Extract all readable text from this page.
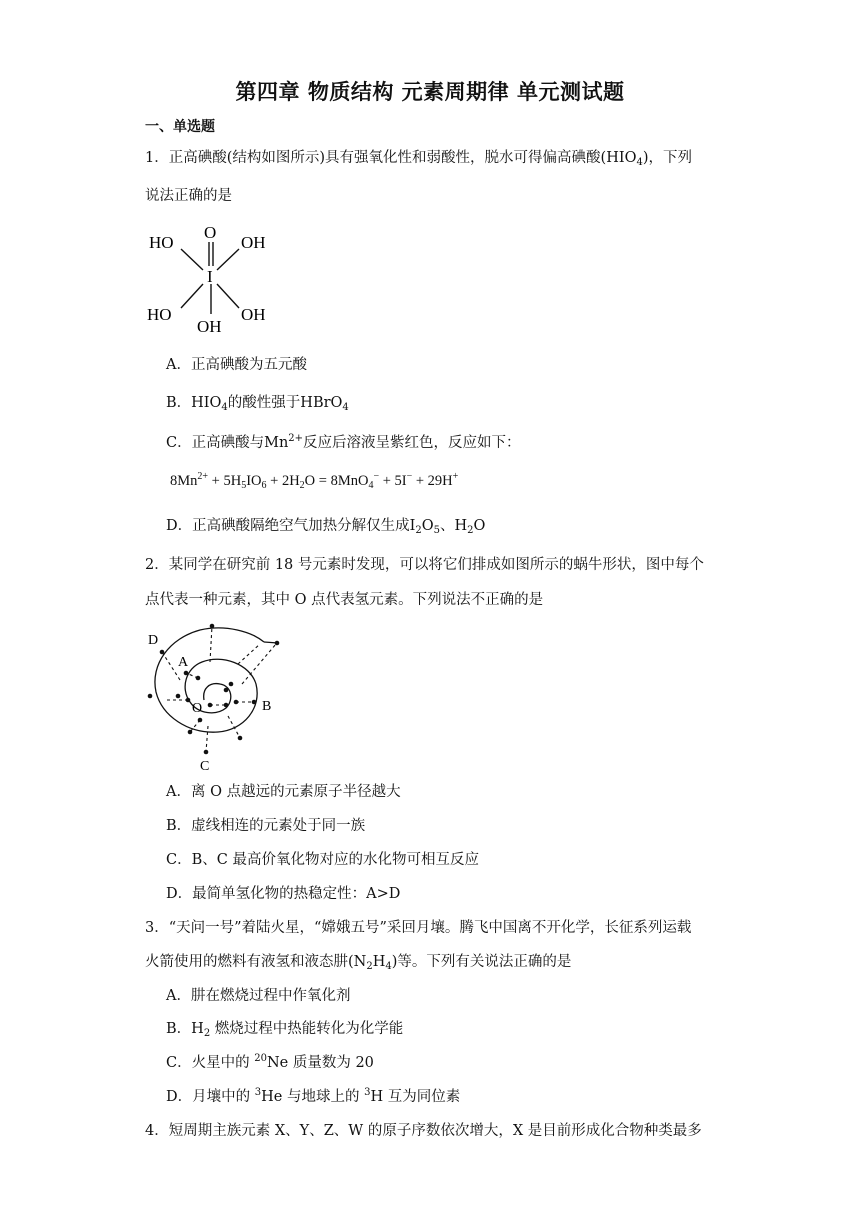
第四章 物质结构 元素周期律 单元测试题
一、单选题
1．正高碘酸(结构如图所示)具有强氧化性和弱酸性，脱水可得偏高碘酸$(HIO_4)$，下列
说法正确的是
O
HO	OH
I
HO	OH
OH
A．正高碘酸为五元酸
B．$HIO_4$的酸性强于HBrO$_4$
C．正高碘酸与$Mn^{2+}$反应后溶液呈紫红色，反应如下：
$8Mn^{2+} + 5H_5IO_6 + 2H_2O = 8MnO_4^- + 5I^- + 29H^+$
D．正高碘酸隔绝空气加热分解仅生成$I_2O_5$、$H_2O$
2．某同学在研究前 18 号元素时发现，可以将它们排成如图所示的蜗牛形状，图中每个
点代表一种元素，其中 O 点代表氢元素。下列说法不正确的是
D
A
O	B
C
A．离 O 点越远的元素原子半径越大
B．虚线相连的元素处于同一族
C．B、C 最高价氧化物对应的水化物可相互反应
D．最简单氢化物的热稳定性：A>D
3．“天问一号”着陆火星，“嫦娥五号”采回月壤。腾飞中国离不开化学，长征系列运载
火箭使用的燃料有液氢和液态肼$(N_2H_4)$等。下列有关说法正确的是
A．肼在燃烧过程中作氧化剂
B．$H_2$ 燃烧过程中热能转化为化学能
C．火星中的 $^{20}$Ne 质量数为 20
D．月壤中的 $^3$He 与地球上的 $^3$H 互为同位素
4．短周期主族元素 X、Y、Z、W 的原子序数依次增大，X 是目前形成化合物种类最多
